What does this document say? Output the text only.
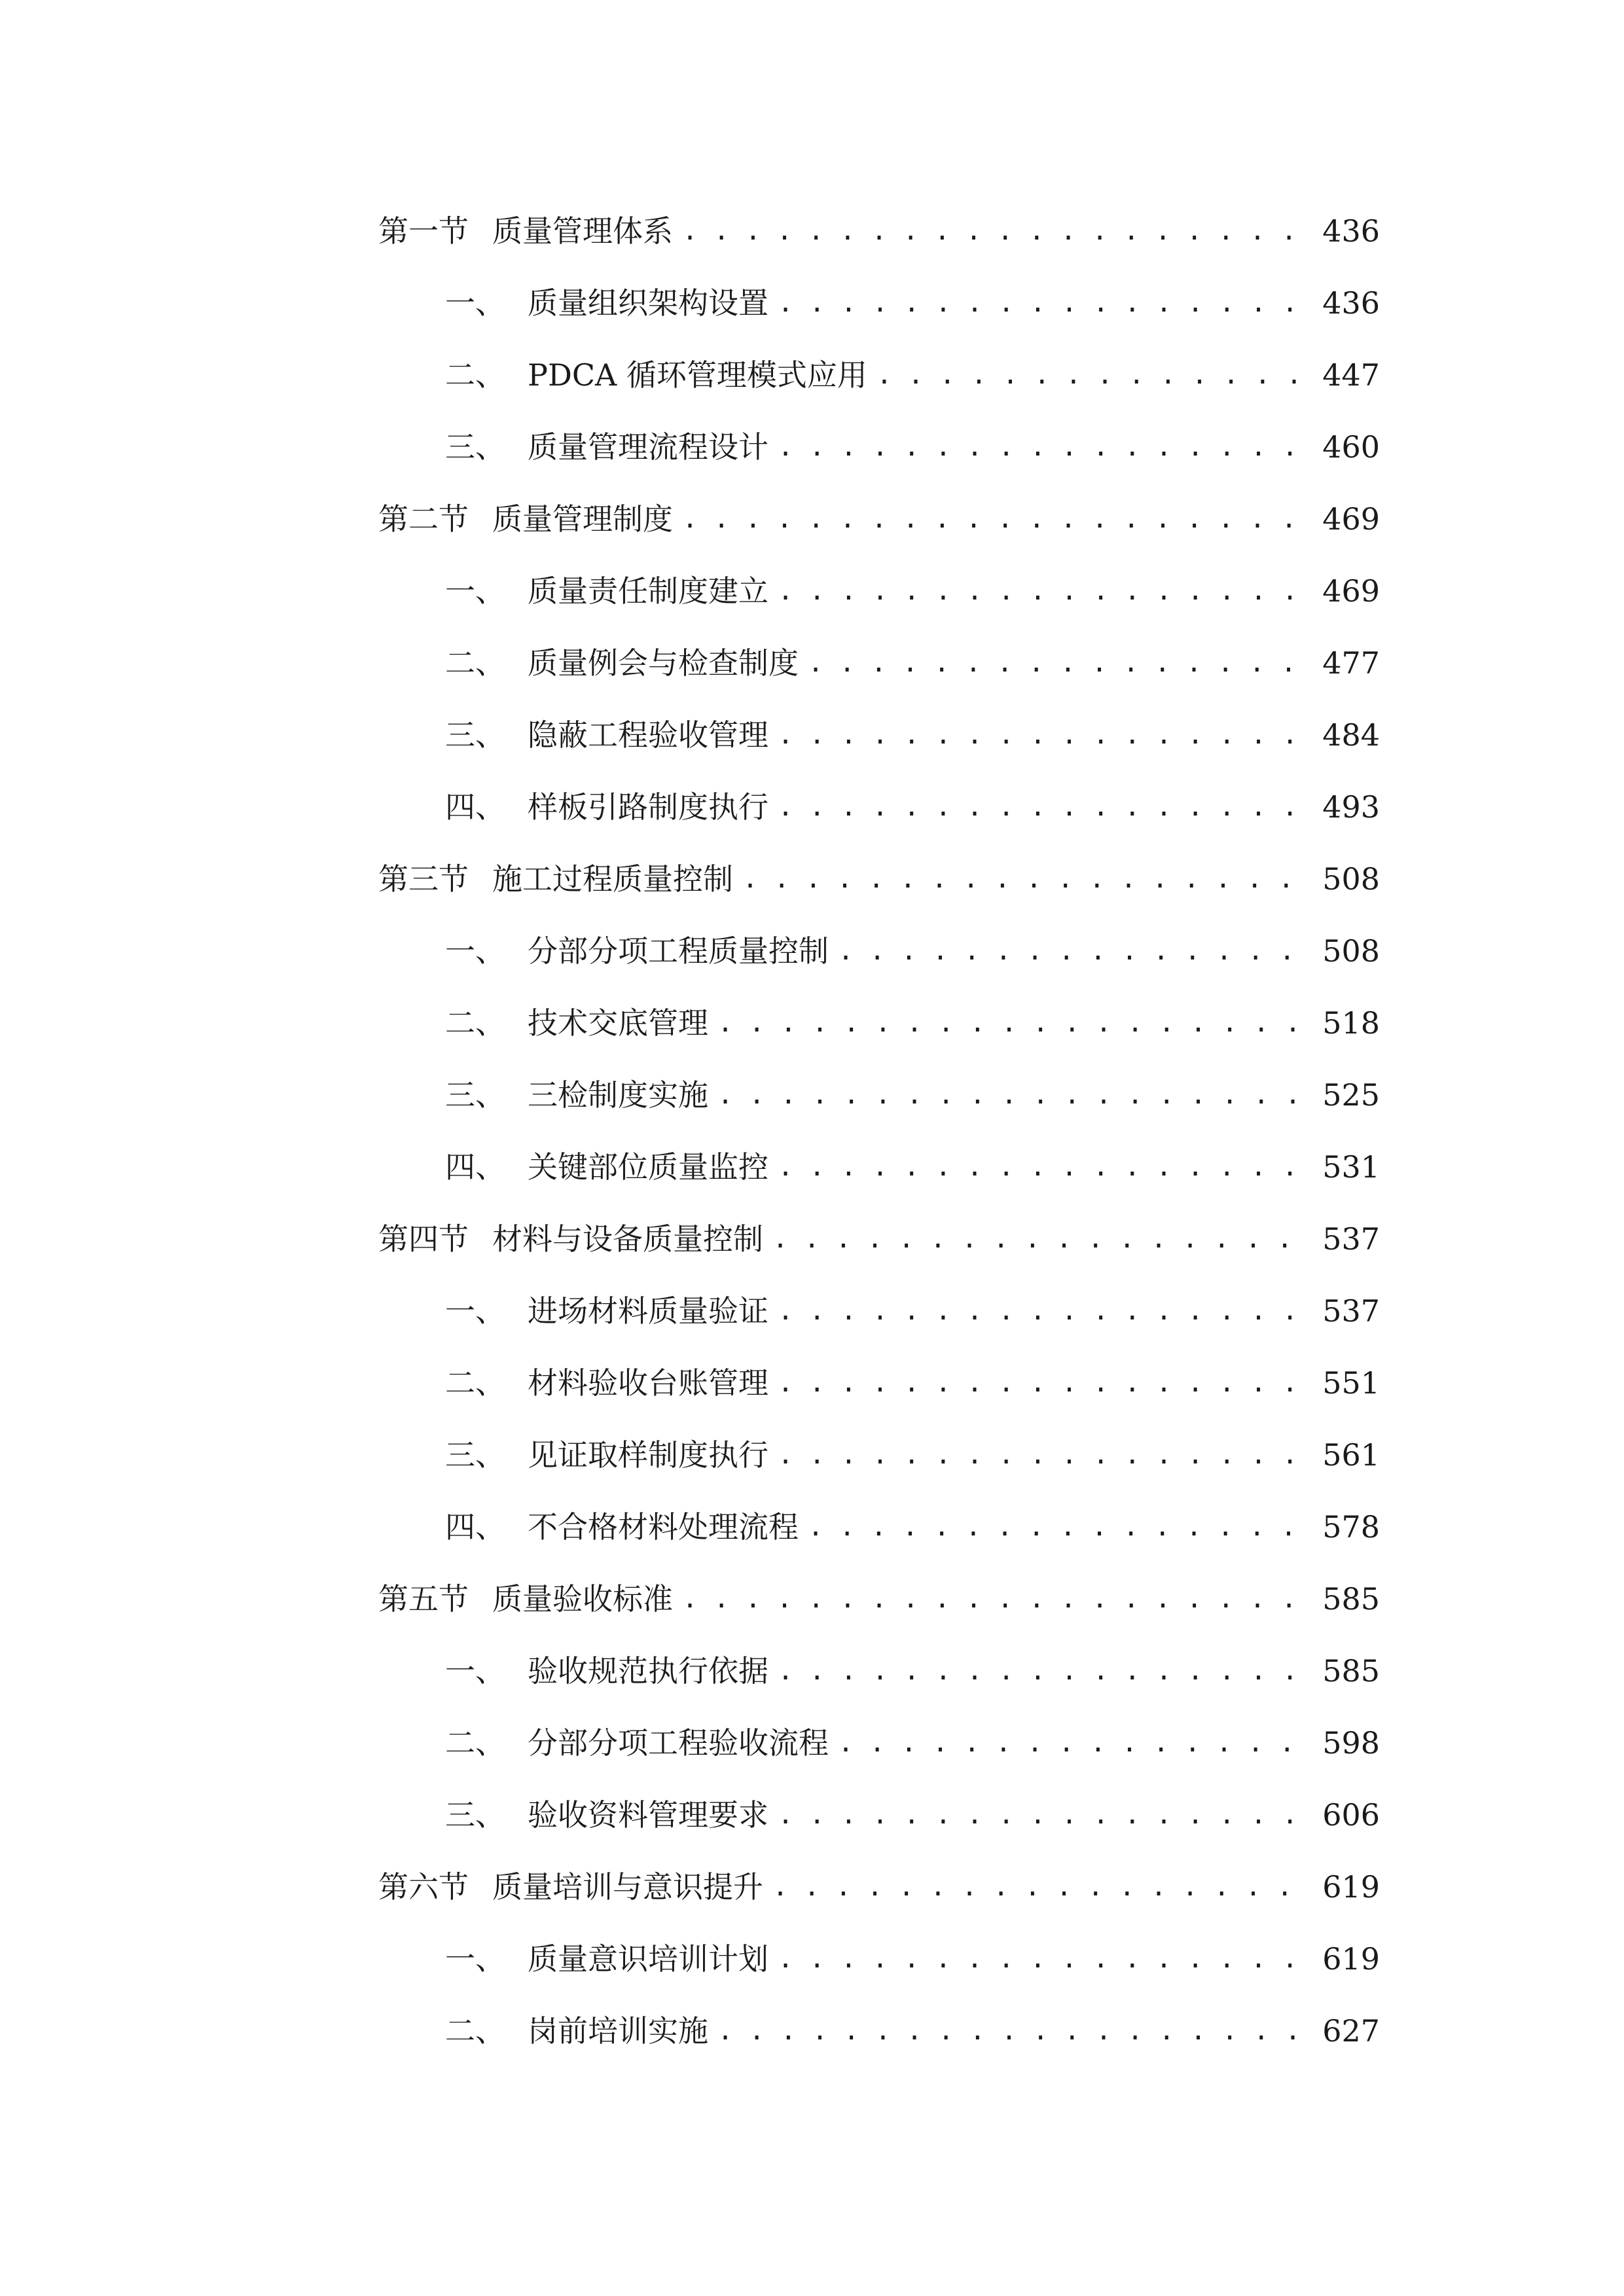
第一节 质量管理体系 . . .	436
一、 质量组织架构设置 . . .	436
二、 PDCA 循环管理模式应用 . . .	447
三、 质量管理流程设计 . . .	460
第二节 质量管理制度 . . .	469
一、 质量责任制度建立 . . .	469
二、 质量例会与检查制度 . . .	477
三、 隐蔽工程验收管理 . . .	484
四、 样板引路制度执行 . . .	493
第三节 施工过程质量控制 . . .	508
一、 分部分项工程质量控制 . . .	508
二、 技术交底管理 . . .	518
三、 三检制度实施 . . .	525
四、 关键部位质量监控 . . .	531
第四节 材料与设备质量控制 . . .	537
一、 进场材料质量验证 . . .	537
二、 材料验收台账管理 . . .	551
三、 见证取样制度执行 . . .	561
四、 不合格材料处理流程 . . .	578
第五节 质量验收标准 . . .	585
一、 验收规范执行依据 . . .	585
二、 分部分项工程验收流程 . . .	598
三、 验收资料管理要求 . . .	606
第六节 质量培训与意识提升 . . .	619
一、 质量意识培训计划 . . .	619
二、 岗前培训实施 . . .	627
